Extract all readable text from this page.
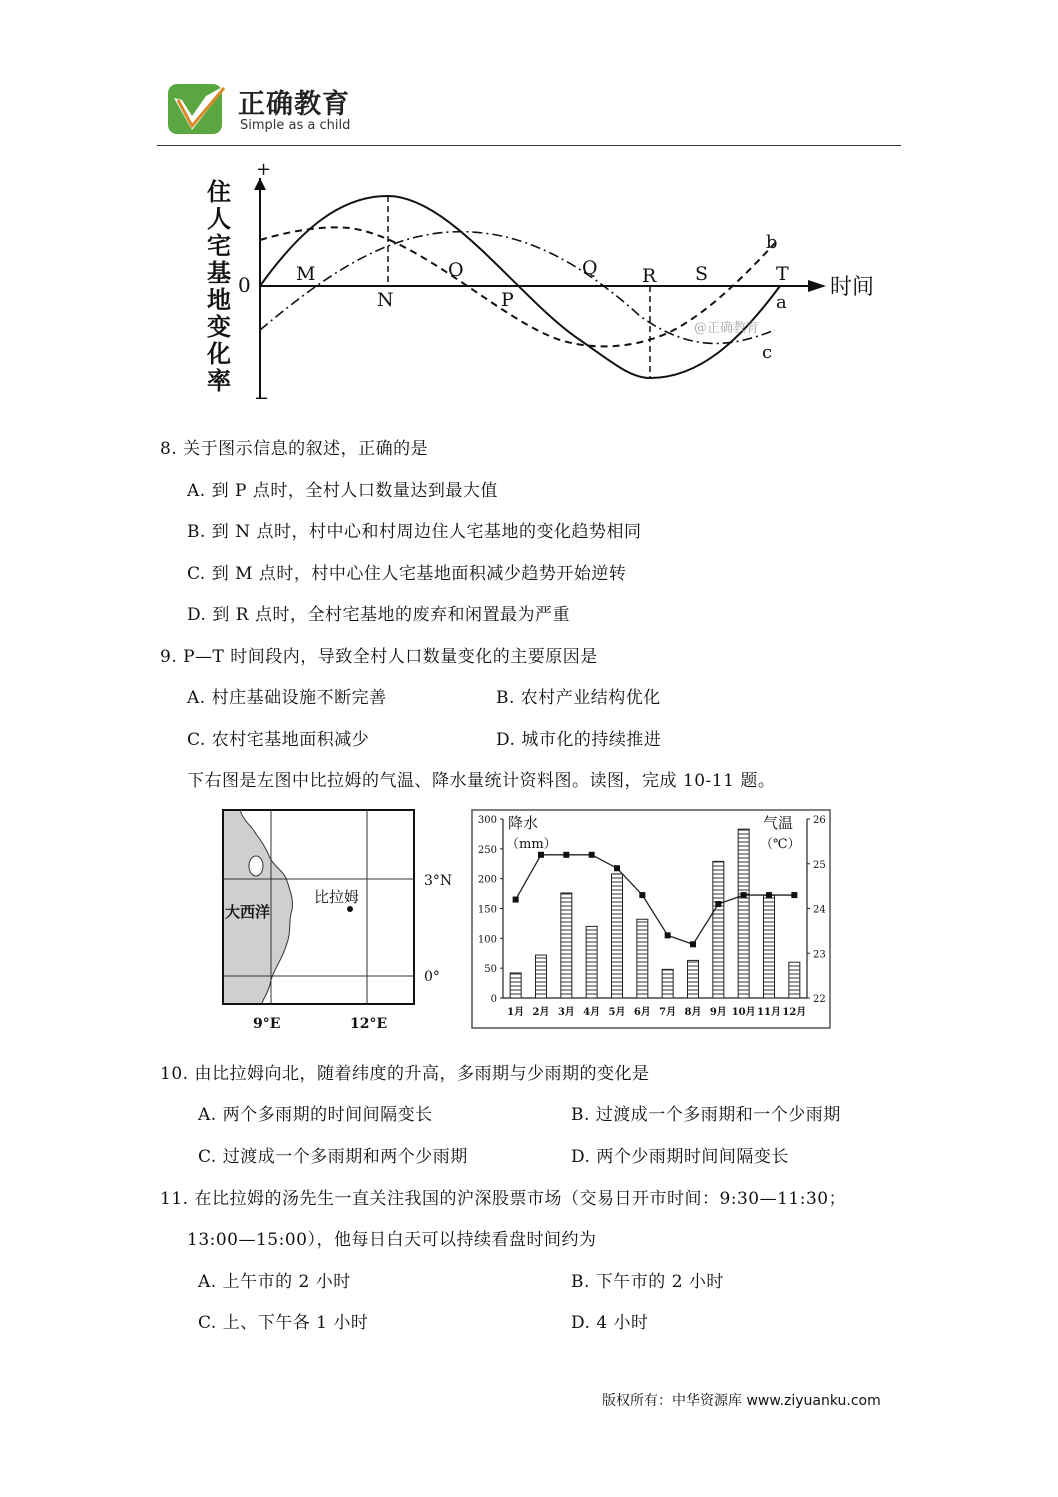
正确教育
Simple as a child
住人宅基地变化率
+
−
0	时间
M
N
O
P
Q R S	T
a
b
c
@正确教育
8. 关于图示信息的叙述，正确的是
A. 到 P 点时，全村人口数量达到最大值
B. 到 N 点时，村中心和村周边住人宅基地的变化趋势相同
C. 到 M 点时，村中心住人宅基地面积减少趋势开始逆转
D. 到 R 点时，全村宅基地的废弃和闲置最为严重
9. P—T 时间段内，导致全村人口数量变化的主要原因是
A. 村庄基础设施不断完善	B. 农村产业结构优化
C. 农村宅基地面积减少	D. 城市化的持续推进
下右图是左图中比拉姆的气温、降水量统计资料图。读图，完成 10-11 题。
比拉姆
大西洋
3°N
0°
9°E	12°E
0
50
100
150
200
250
300
22
23
24
25
26
1月 2月 3月 4月 5月 6月 7月 8月 9月 10月 11月 12月
降水
（mm）
气温
（℃）
10. 由比拉姆向北，随着纬度的升高，多雨期与少雨期的变化是
A. 两个多雨期的时间间隔变长	B. 过渡成一个多雨期和一个少雨期
C. 过渡成一个多雨期和两个少雨期	D. 两个少雨期时间间隔变长
11. 在比拉姆的汤先生一直关注我国的沪深股票市场（交易日开市时间：9:30—11:30；
13:00—15:00），他每日白天可以持续看盘时间约为
A. 上午市的 2 小时	B. 下午市的 2 小时
C. 上、下午各 1 小时	D. 4 小时
版权所有：中华资源库 www.ziyuanku.com
